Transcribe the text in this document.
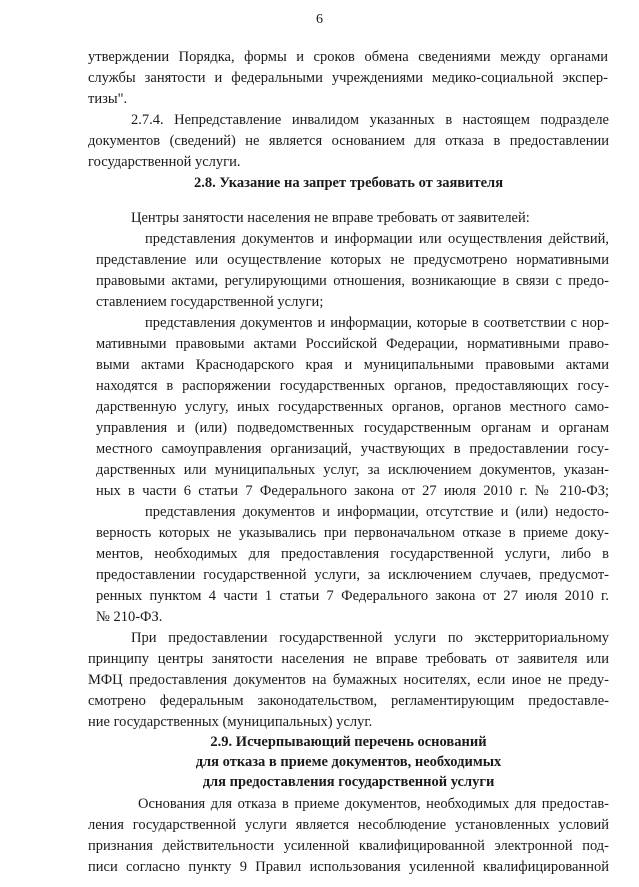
6
утверждении Порядка, формы и сроков обмена сведениями между органами
службы занятости и федеральными учреждениями медико-социальной экспер-
тизы".
2.7.4. Непредставление инвалидом указанных в настоящем подразделе
документов (сведений) не является основанием для отказа в предоставлении
государственной услуги.
Центры занятости населения не вправе требовать от заявителей:
представления документов и информации или осуществления действий,
представление или осуществление которых не предусмотрено нормативными
правовыми актами, регулирующими отношения, возникающие в связи с предо-
ставлением государственной услуги;
представления документов и информации, которые в соответствии с нор-
мативными правовыми актами Российской Федерации, нормативными право-
выми актами Краснодарского края и муниципальными правовыми актами
находятся в распоряжении государственных органов, предоставляющих госу-
дарственную услугу, иных государственных органов, органов местного само-
управления и (или) подведомственных государственным органам и органам
местного самоуправления организаций, участвующих в предоставлении госу-
дарственных или муниципальных услуг, за исключением документов, указан-
ных в части 6 статьи 7 Федерального закона от 27 июля 2010 г. № 210-ФЗ;
представления документов и информации, отсутствие и (или) недосто-
верность которых не указывались при первоначальном отказе в приеме доку-
ментов, необходимых для предоставления государственной услуги, либо в
предоставлении государственной услуги, за исключением случаев, предусмот-
ренных пунктом 4 части 1 статьи 7 Федерального закона от 27 июля 2010 г.
№ 210-ФЗ.
При предоставлении государственной услуги по экстерриториальному
принципу центры занятости населения не вправе требовать от заявителя или
МФЦ предоставления документов на бумажных носителях, если иное не преду-
смотрено федеральным законодательством, регламентирующим предоставле-
ние государственных (муниципальных) услуг.
Основания для отказа в приеме документов, необходимых для предостав-
ления государственной услуги является несоблюдение установленных условий
признания действительности усиленной квалифицированной электронной под-
писи согласно пункту 9 Правил использования усиленной квалифицированной
2.8. Указание на запрет требовать от заявителя
2.9. Исчерпывающий перечень оснований
для отказа в приеме документов, необходимых
для предоставления государственной услуги
